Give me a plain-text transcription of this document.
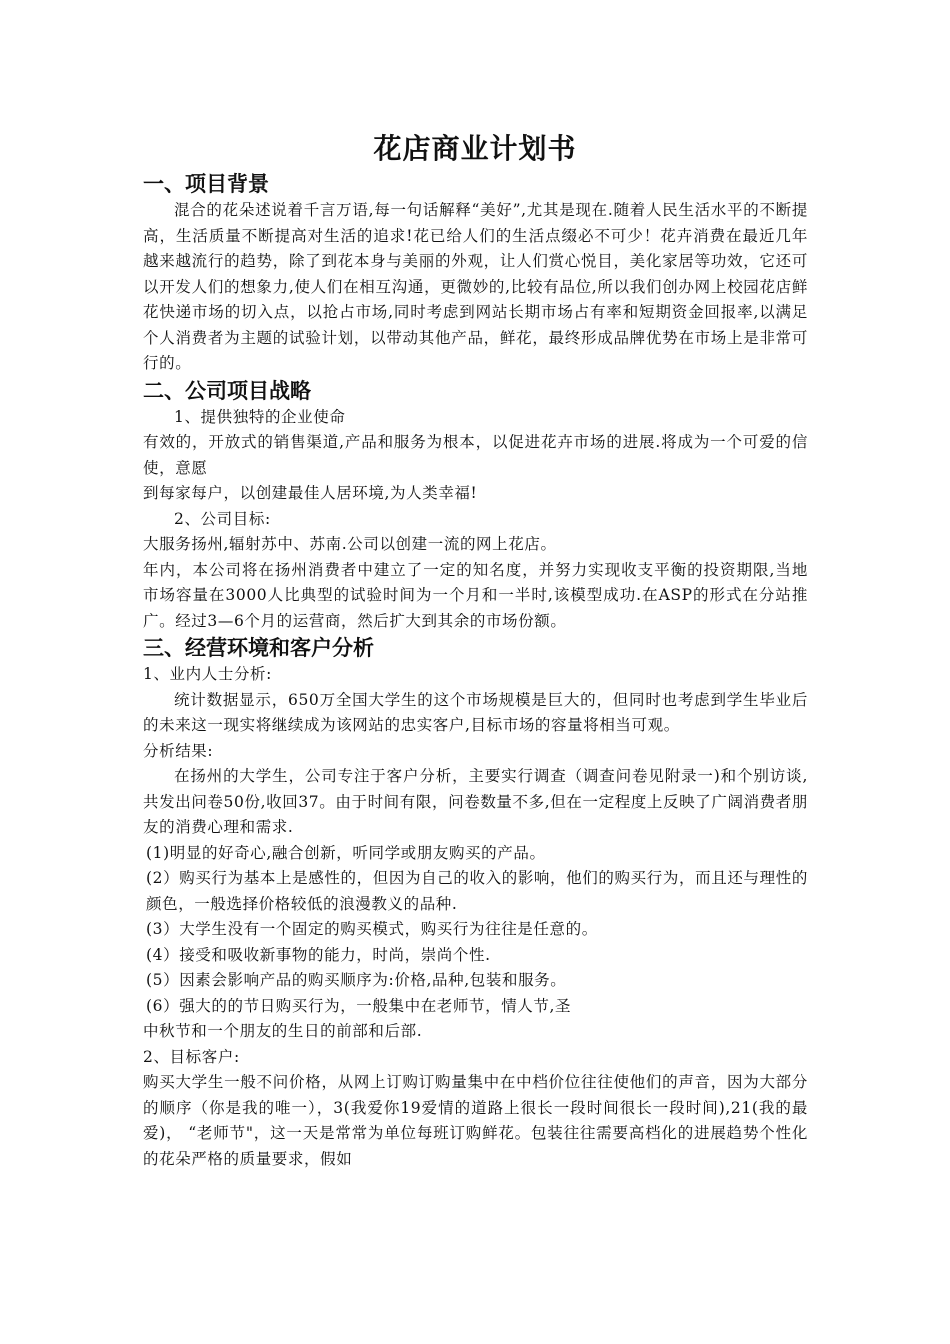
花店商业计划书
一、项目背景

混合的花朵述说着千言万语,每一句话解释“美好”,尤其是现在.随着人民生活水平的不断提高，生活质量不断提高对生活的追求!花已给人们的生活点缀必不可少！花卉消费在最近几年越来越流行的趋势，除了到花本身与美丽的外观，让人们赏心悦目，美化家居等功效，它还可以开发人们的想象力,使人们在相互沟通，更微妙的,比较有品位,所以我们创办网上校园花店鲜花快递市场的切入点，以抢占市场,同时考虑到网站长期市场占有率和短期资金回报率,以满足个人消费者为主题的试验计划，以带动其他产品，鲜花，最终形成品牌优势在市场上是非常可行的。

二、公司项目战略

1、提供独特的企业使命

有效的，开放式的销售渠道,产品和服务为根本，以促进花卉市场的进展.将成为一个可爱的信使，意愿

到每家每户，以创建最佳人居环境,为人类幸福!

2、公司目标:

大服务扬州,辐射苏中、苏南.公司以创建一流的网上花店。

年内，本公司将在扬州消费者中建立了一定的知名度，并努力实现收支平衡的投资期限,当地市场容量在3000人比典型的试验时间为一个月和一半时,该模型成功.在ASP的形式在分站推广。经过3—6个月的运营商，然后扩大到其余的市场份额。

三、经营环境和客户分析

1、业内人士分析:

统计数据显示，650万全国大学生的这个市场规模是巨大的，但同时也考虑到学生毕业后的未来这一现实将继续成为该网站的忠实客户,目标市场的容量将相当可观。

分析结果:

在扬州的大学生，公司专注于客户分析，主要实行调查（调查问卷见附录一)和个别访谈,共发出问卷50份,收回37。由于时间有限，问卷数量不多,但在一定程度上反映了广阔消费者朋友的消费心理和需求.

(1)明显的好奇心,融合创新，听同学或朋友购买的产品。

(2）购买行为基本上是感性的，但因为自己的收入的影响，他们的购买行为，而且还与理性的颜色，一般选择价格较低的浪漫教义的品种.

(3）大学生没有一个固定的购买模式，购买行为往往是任意的。

(4）接受和吸收新事物的能力，时尚，崇尚个性.

(5）因素会影响产品的购买顺序为:价格,品种,包装和服务。

(6）强大的的节日购买行为，一般集中在老师节，情人节,圣

中秋节和一个朋友的生日的前部和后部.

2、目标客户:

购买大学生一般不问价格，从网上订购订购量集中在中档价位往往使他们的声音，因为大部分的顺序（你是我的唯一），3(我爱你19爱情的道路上很长一段时间很长一段时间),21(我的最爱)， “老师节"，这一天是常常为单位每班订购鲜花。包装往往需要高档化的进展趋势个性化的花朵严格的质量要求，假如
